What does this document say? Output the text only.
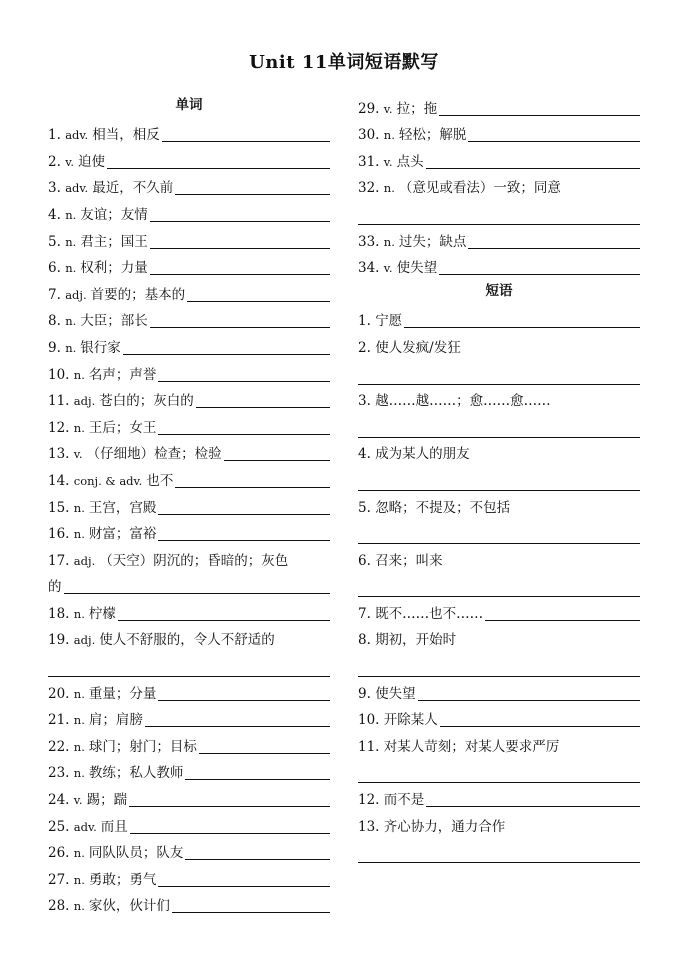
Unit 11单词短语默写
单词
1.
adv. 相当，相反
2.
v. 迫使
3.
adv. 最近，不久前
4.
n. 友谊；友情
5.
n. 君主；国王
6.
n. 权利；力量
7.
adj. 首要的；基本的
8.
n. 大臣；部长
9.
n. 银行家
10.
n. 名声；声誉
11.
adj. 苍白的；灰白的
12.
n. 王后；女王
13.
v. （仔细地）检查；检验
14.
conj. & adv. 也不
15.
n. 王宫，宫殿
16.
n. 财富；富裕
17.
adj. （天空）阴沉的；昏暗的；灰色
的
18.
n. 柠檬
19.
adj. 使人不舒服的，令人不舒适的
20.
n. 重量；分量
21.
n. 肩；肩膀
22.
n. 球门；射门；目标
23.
n. 教练；私人教师
24.
v. 踢；踹
25.
adv. 而且
26.
n. 同队队员；队友
27.
n. 勇敢；勇气
28.
n. 家伙，伙计们
29.
v. 拉；拖
30.
n. 轻松；解脱
31.
v. 点头
32.
n. （意见或看法）一致；同意
33.
n. 过失；缺点
34.
v. 使失望
短语
1.
宁愿
2.
使人发疯/发狂
3.
越……越……；愈……愈……
4.
成为某人的朋友
5.
忽略；不提及；不包括
6.
召来；叫来
7.
既不……也不……
8.
期初，开始时
9.
使失望
10.
开除某人
11.
对某人苛刻；对某人要求严厉
12.
而不是
13.
齐心协力，通力合作
